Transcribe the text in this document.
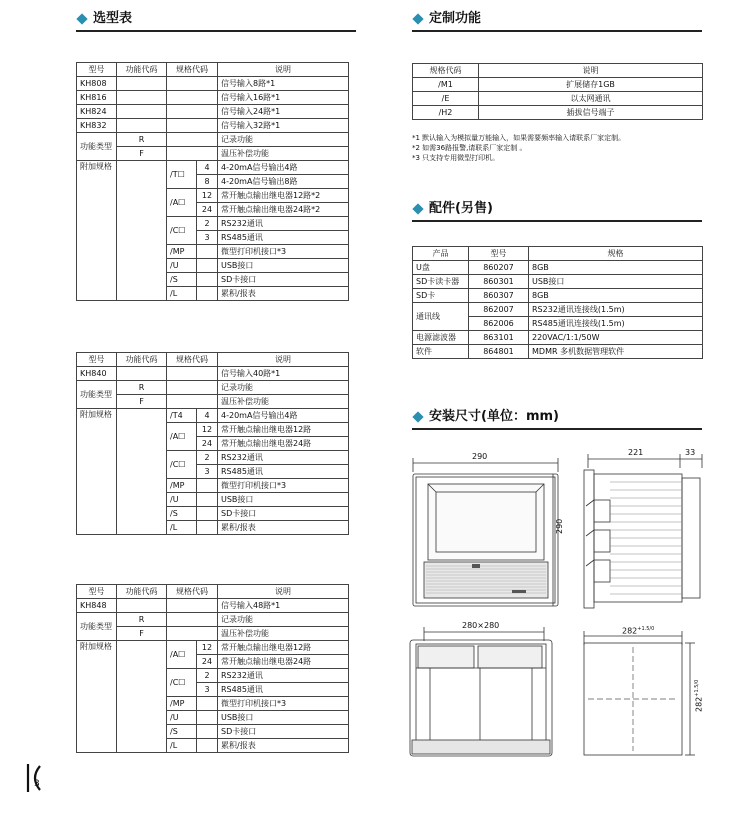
选型表	定制功能
配件(另售)
安装尺寸(单位：mm)
型号	功能代码	规格代码		说明
KH808				信号输入8路*1
KH816				信号输入16路*1
KH824				信号输入24路*1
KH832				信号输入32路*1
功能类型	R			记录功能
	F			温压补偿功能
附加规格		/T☐	4	4-20mA信号输出4路
			8	4-20mA信号输出8路
		/A☐	12	常开触点输出继电器12路*2
			24	常开触点输出继电器24路*2
		/C☐	2	RS232通讯
			3	RS485通讯
		/MP		微型打印机接口*3
		/U		USB接口
		/S		SD卡接口
		/L		累积/报表
型号	功能代码	规格代码		说明
KH840				信号输入40路*1
功能类型	R			记录功能
	F			温压补偿功能
附加规格		/T4	4	4-20mA信号输出4路
		/A☐	12	常开触点输出继电器12路
			24	常开触点输出继电器24路
		/C☐	2	RS232通讯
			3	RS485通讯
		/MP		微型打印机接口*3
		/U		USB接口
		/S		SD卡接口
		/L		累积/报表
型号	功能代码	规格代码		说明
KH848				信号输入48路*1
功能类型	R			记录功能
	F			温压补偿功能
附加规格		/A☐	12	常开触点输出继电器12路
			24	常开触点输出继电器24路
		/C☐	2	RS232通讯
			3	RS485通讯
		/MP		微型打印机接口*3
		/U		USB接口
		/S		SD卡接口
		/L		累积/报表
规格代码	说明
/M1	扩展储存1GB
/E	以太网通讯
/H2	插拔信号端子
*1 默认输入为模拟量万能输入，如果需要频率输入请联系厂家定制。
*2 如需36路报警,请联系厂家定制 。
*3 只支持专用微型打印机。
产品	型号	规格
U盘	860207	8GB
SD卡读卡器	860301	USB接口
SD卡	860307	8GB
通讯线	862007	RS232通讯连接线(1.5m)
	862006	RS485通讯连接线(1.5m)
电源滤波器	863101	220VAC/1:1/50W
软件	864801	MDMR 多机数据管理软件
290
290
221	33
280×280
$282^{+1.5/0}$
$282^{+1.5/0}$
3
